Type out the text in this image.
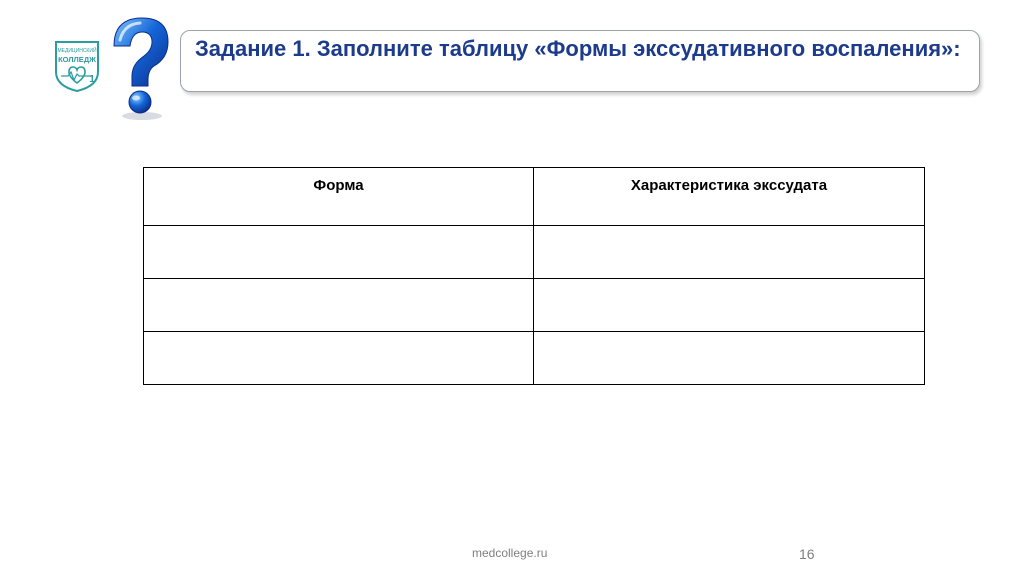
МЕДИЦИНСКИЙ
КОЛЛЕДЖ
1

Задание 1. Заполните таблицу «Формы экссудативного воспаления»:

Форма	Характеристика экссудата

medcollege.ru	16
